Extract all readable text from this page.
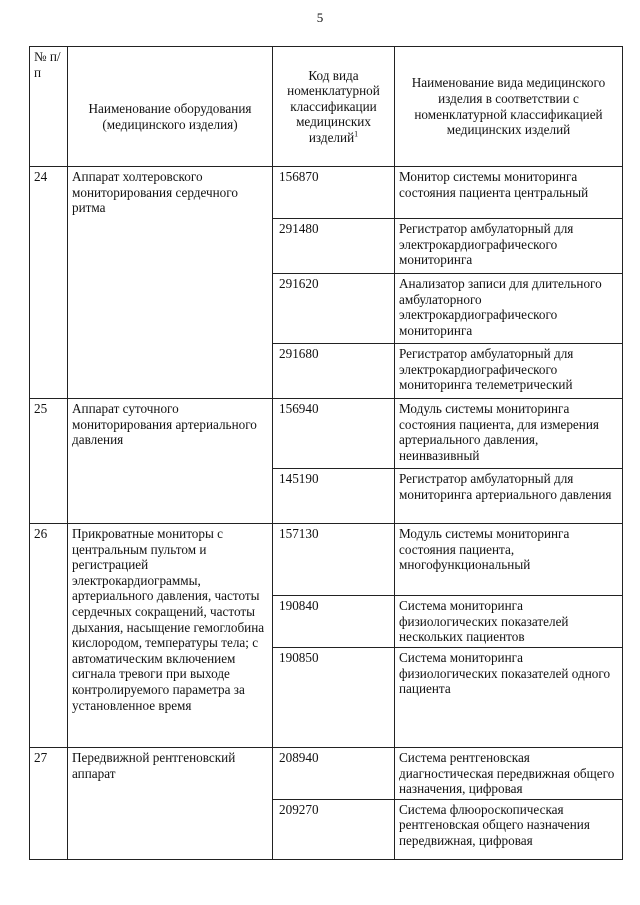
5
№ п/п	Наименование оборудования (медицинского изделия)	Код вида номенклатурной классификации медицинских изделий$^1$	Наименование вида медицинского изделия в соответствии с номенклатурной классификацией медицинских изделий
24	Аппарат холтеровского мониторирования сердечного ритма	156870	Монитор системы мониторинга состояния пациента центральный
		291480	Регистратор амбулаторный для электрокардиографического мониторинга
		291620	Анализатор записи для длительного амбулаторного электрокардиографического мониторинга
		291680	Регистратор амбулаторный для электрокардиографического мониторинга телеметрический
25	Аппарат суточного мониторирования артериального давления	156940	Модуль системы мониторинга состояния пациента, для измерения артериального давления, неинвазивный
		145190	Регистратор амбулаторный для мониторинга артериального давления
26	Прикроватные мониторы с центральным пультом и регистрацией электрокардиограммы, артериального давления, частоты сердечных сокращений, частоты дыхания, насыщение гемоглобина кислородом, температуры тела; с автоматическим включением сигнала тревоги при выходе контролируемого параметра за установленное время	157130	Модуль системы мониторинга состояния пациента, многофункциональный
		190840	Система мониторинга физиологических показателей нескольких пациентов
		190850	Система мониторинга физиологических показателей одного пациента
27	Передвижной рентгеновский аппарат	208940	Система рентгеновская диагностическая передвижная общего назначения, цифровая
		209270	Система флюороскопическая рентгеновская общего назначения передвижная, цифровая
